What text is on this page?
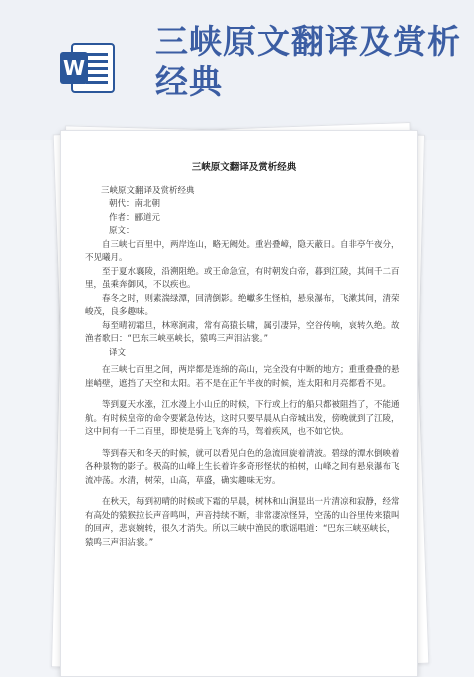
W
三峡原文翻译及赏析经典
三峡原文翻译及赏析经典

三峡原文翻译及赏析经典

朝代：南北朝

作者：郦道元

原文：

自三峡七百里中，两岸连山，略无阙处。重岩叠嶂，隐天蔽日。自非亭午夜分，不见曦月。

至于夏水襄陵，沿溯阻绝。或王命急宣，有时朝发白帝，暮到江陵，其间千二百里，虽乘奔御风，不以疾也。

春冬之时，则素湍绿潭，回清倒影。绝巘多生怪柏，悬泉瀑布，飞漱其间，清荣峻茂，良多趣味。

每至晴初霜旦，林寒涧肃，常有高猿长啸，属引凄异，空谷传响，哀转久绝。故渔者歌曰：“巴东三峡巫峡长，猿鸣三声泪沾裳。”

译文

在三峡七百里之间，两岸都是连绵的高山，完全没有中断的地方；重重叠叠的悬崖峭壁，遮挡了天空和太阳。若不是在正午半夜的时候，连太阳和月亮都看不见。

等到夏天水涨，江水漫上小山丘的时候，下行或上行的船只都被阻挡了，不能通航。有时候皇帝的命令要紧急传达，这时只要早晨从白帝城出发，傍晚就到了江陵，这中间有一千二百里，即使是骑上飞奔的马，驾着疾风，也不如它快。

等到春天和冬天的时候，就可以看见白色的急流回旋着清波。碧绿的潭水倒映着各种景物的影子。极高的山峰上生长着许多奇形怪状的柏树，山峰之间有悬泉瀑布飞流冲荡。水清，树荣，山高，草盛，确实趣味无穷。

在秋天，每到初晴的时候或下霜的早晨，树林和山涧显出一片清凉和寂静，经常有高处的猿猴拉长声音鸣叫，声音持续不断，非常凄凉怪异，空荡的山谷里传来猿叫的回声，悲哀婉转，很久才消失。所以三峡中渔民的歌谣唱道：“巴东三峡巫峡长，猿鸣三声泪沾裳。”
